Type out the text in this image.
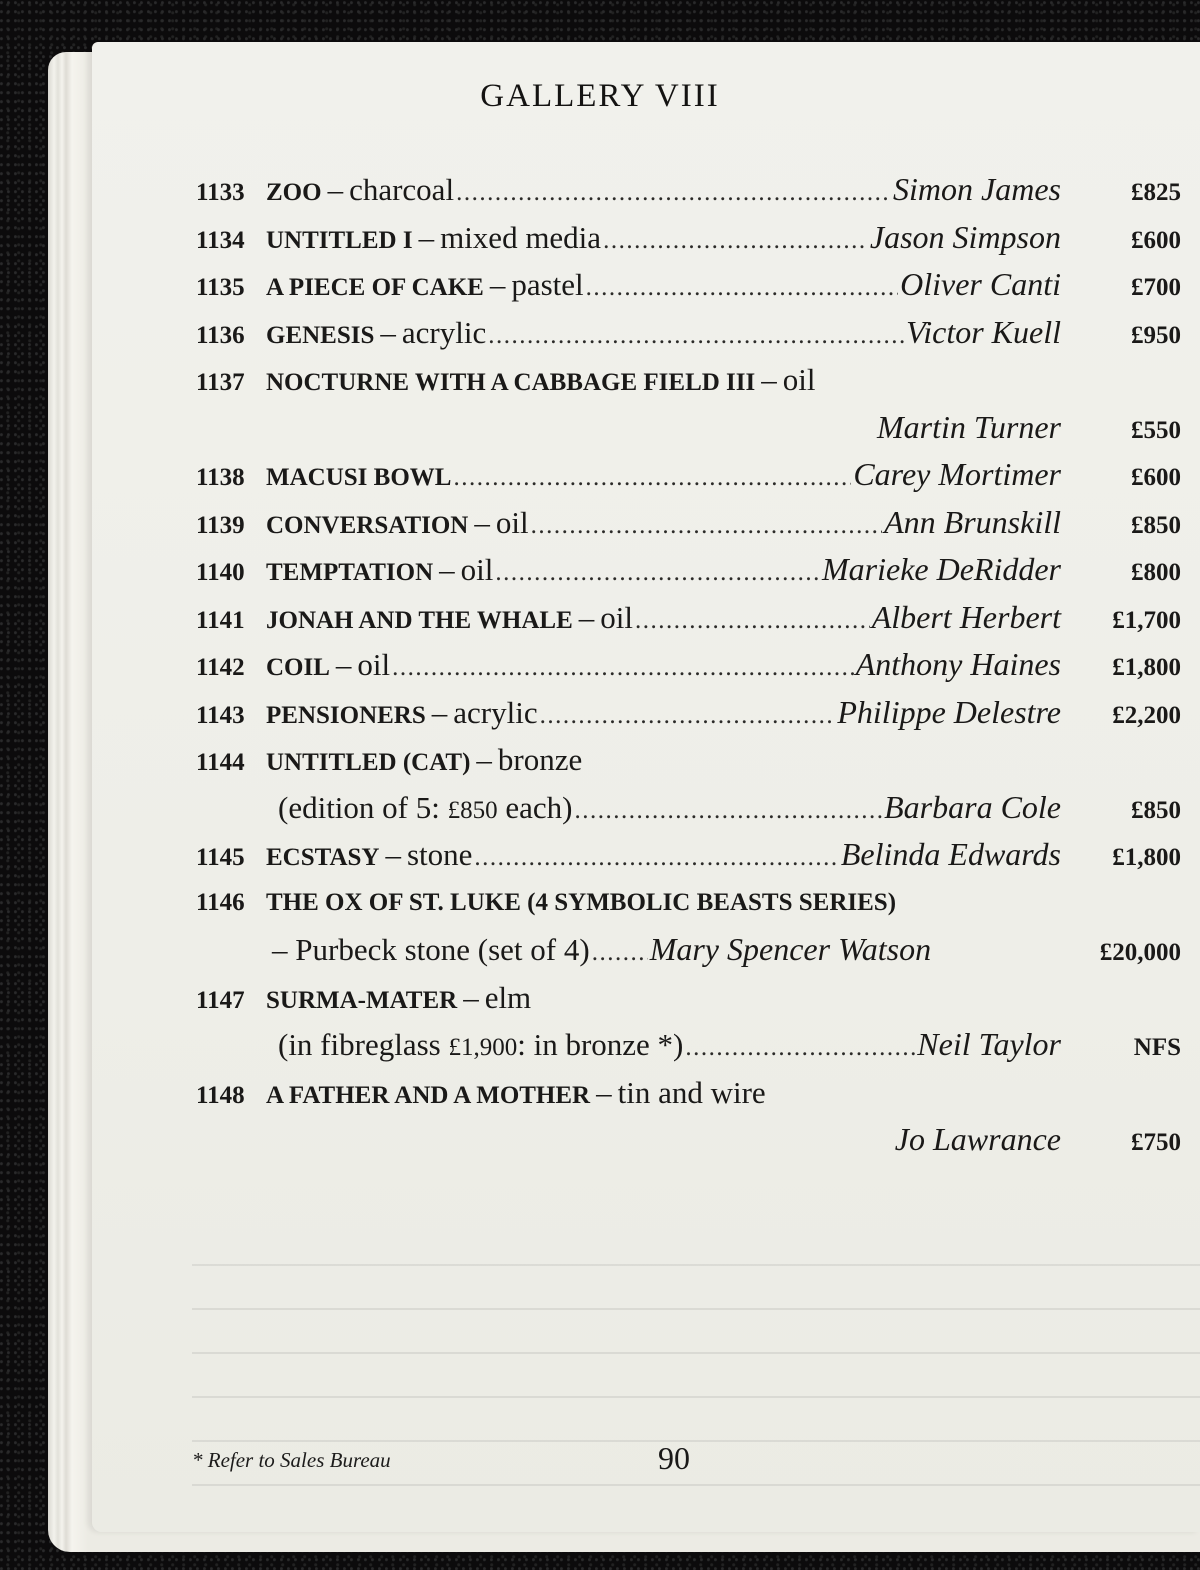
GALLERY VIII
1133 ZOO – charcoal .....	Simon James	£825
1134 UNTITLED I – mixed media .....	Jason Simpson	£600
1135 A PIECE OF CAKE – pastel .....	Oliver Canti	£700
1136 GENESIS – acrylic .....	Victor Kuell	£950
1137 NOCTURNE WITH A CABBAGE FIELD III – oil
Martin Turner	£550
1138 MACUSI BOWL .....	Carey Mortimer	£600
1139 CONVERSATION – oil .....	Ann Brunskill	£850
1140 TEMPTATION – oil .....	Marieke DeRidder	£800
1141 JONAH AND THE WHALE – oil .....	Albert Herbert	£1,700
1142 COIL – oil .....	Anthony Haines	£1,800
1143 PENSIONERS – acrylic .....	Philippe Delestre	£2,200
1144 UNTITLED (CAT) – bronze
(edition of 5: £850 each) .....	Barbara Cole	£850
1145 ECSTASY – stone .....	Belinda Edwards	£1,800
1146 THE OX OF ST. LUKE (4 SYMBOLIC BEASTS SERIES)
– Purbeck stone (set of 4) ..... Mary Spencer Watson	£20,000
1147 SURMA-MATER – elm
(in fibreglass £1,900: in bronze *) .....	Neil Taylor	NFS
1148 A FATHER AND A MOTHER – tin and wire
Jo Lawrance	£750
* Refer to Sales Bureau	90
